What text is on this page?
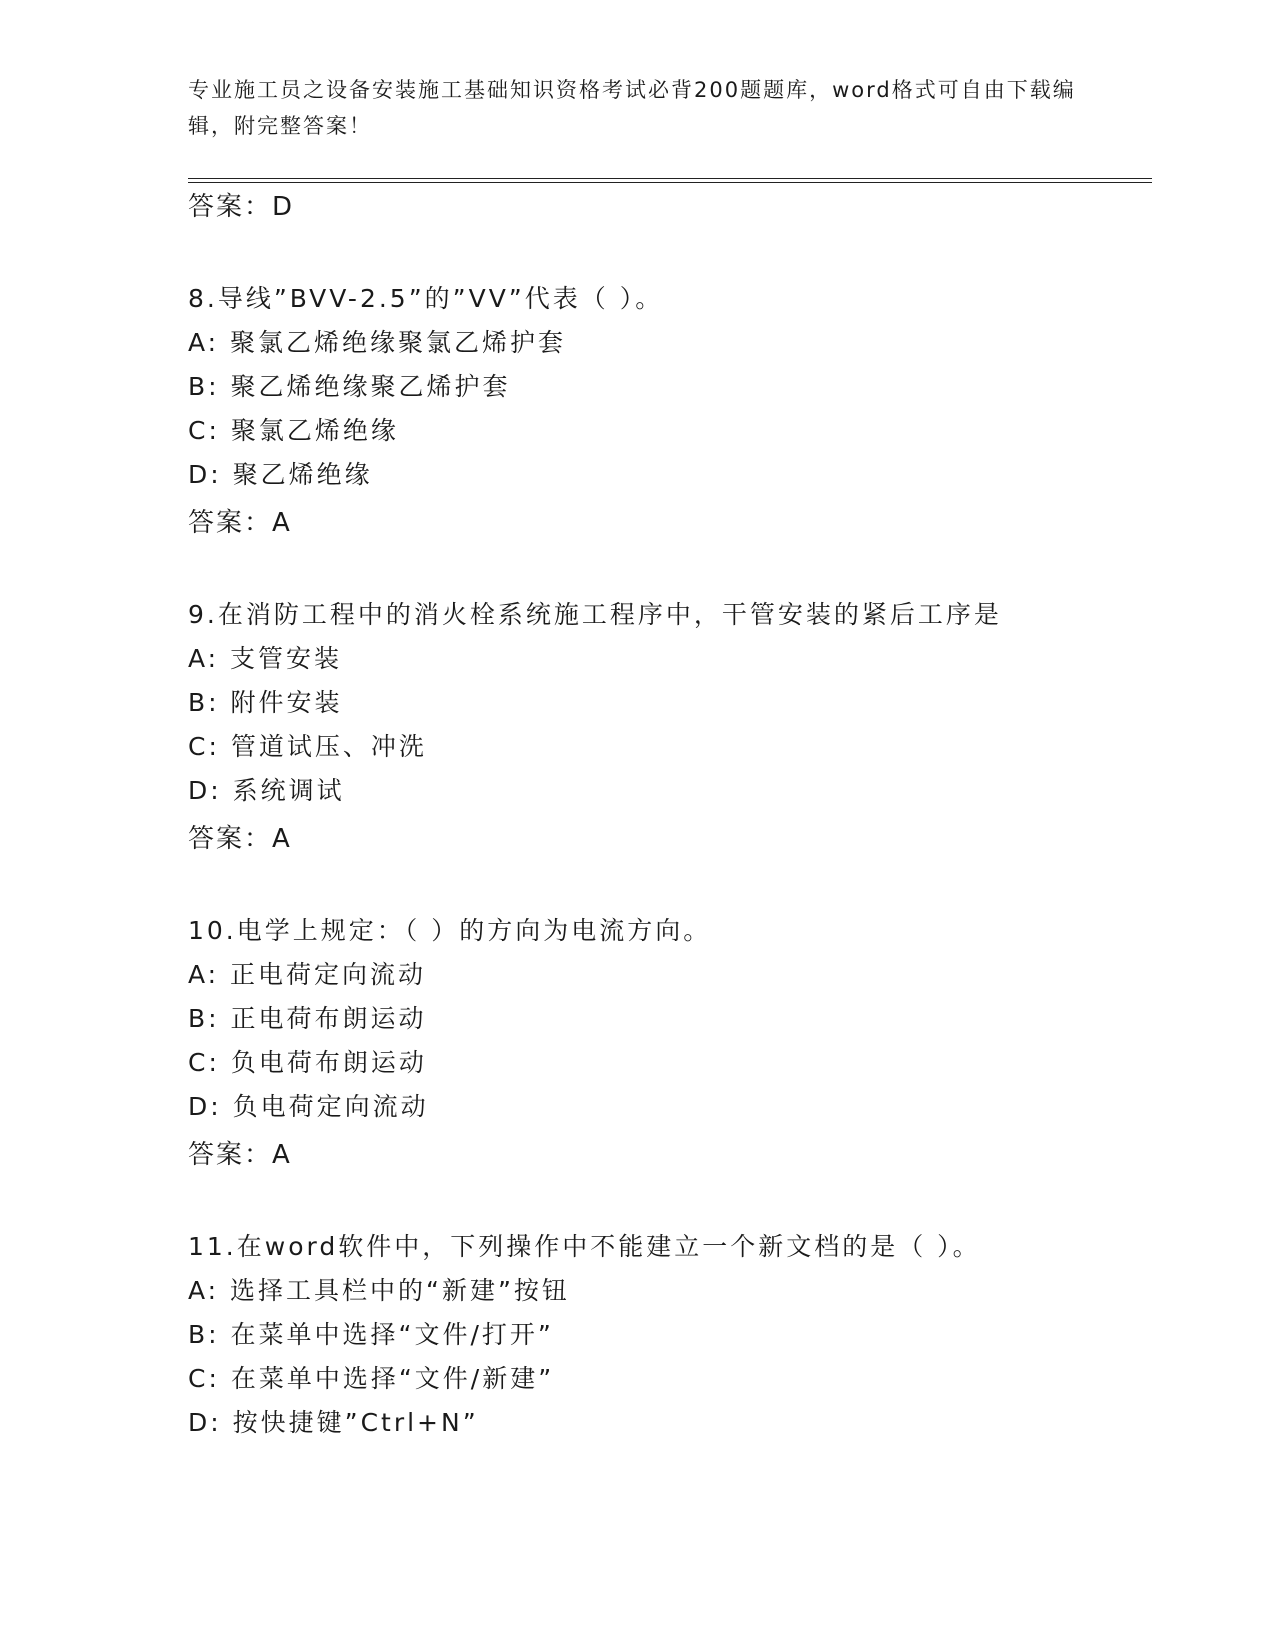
专业施工员之设备安装施工基础知识资格考试必背200题题库，word格式可自由下载编辑，附完整答案！
答案：D
8.导线”BVV-2.5”的”VV”代表（ ）。
A: 聚氯乙烯绝缘聚氯乙烯护套
B: 聚乙烯绝缘聚乙烯护套
C: 聚氯乙烯绝缘
D: 聚乙烯绝缘
答案：A
9.在消防工程中的消火栓系统施工程序中，干管安装的紧后工序是
A: 支管安装
B: 附件安装
C: 管道试压、冲洗
D: 系统调试
答案：A
10.电学上规定：（ ）的方向为电流方向。
A: 正电荷定向流动
B: 正电荷布朗运动
C: 负电荷布朗运动
D: 负电荷定向流动
答案：A
11.在word软件中，下列操作中不能建立一个新文档的是（ ）。
A: 选择工具栏中的“新建”按钮
B: 在菜单中选择“文件/打开”
C: 在菜单中选择“文件/新建”
D: 按快捷键”Ctrl+N”
